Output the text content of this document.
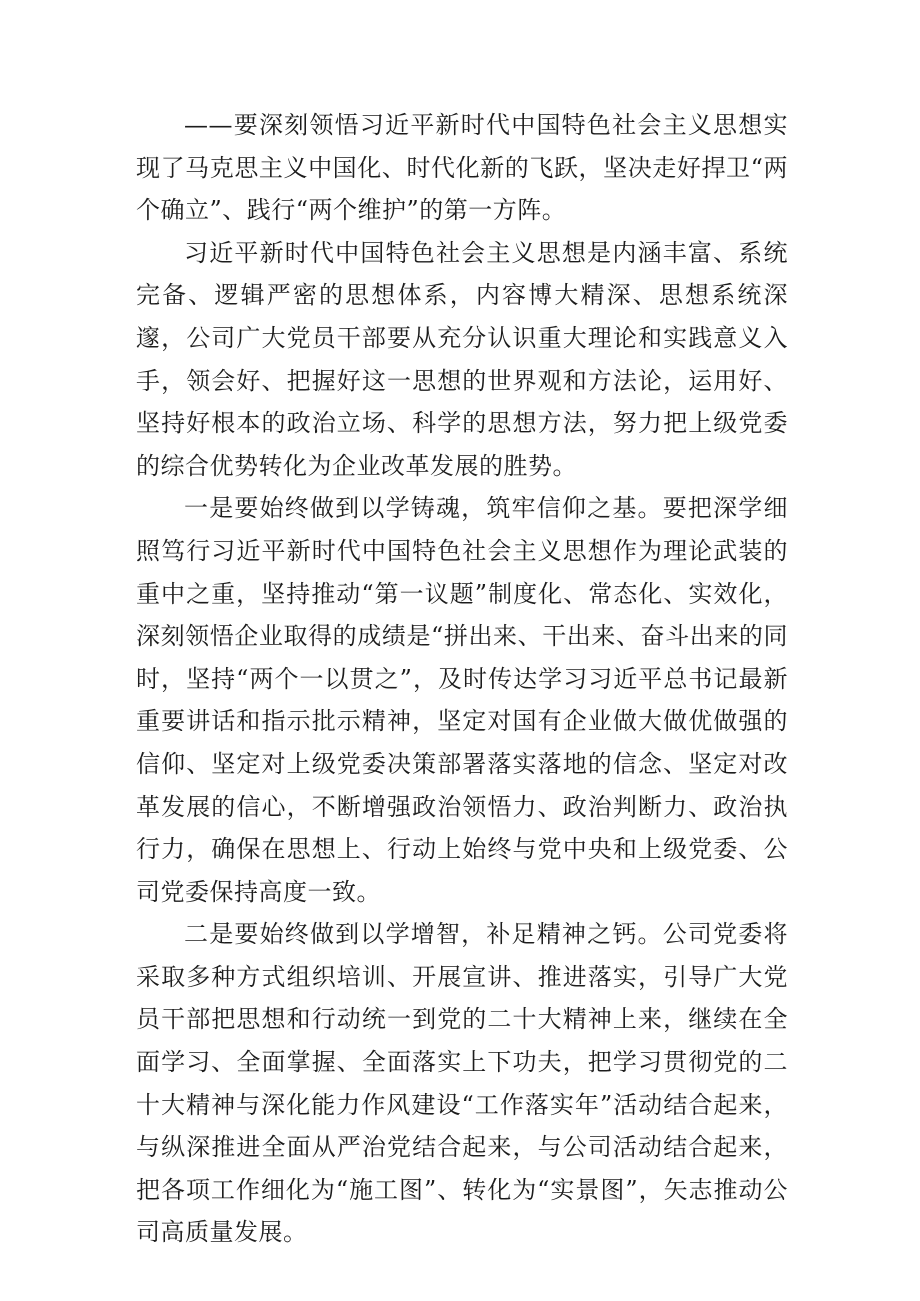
——要深刻领悟习近平新时代中国特色社会主义思想实现了马克思主义中国化、时代化新的飞跃，坚决走好捍卫“两个确立”、践行“两个维护”的第一方阵。

习近平新时代中国特色社会主义思想是内涵丰富、系统完备、逻辑严密的思想体系，内容博大精深、思想系统深邃，公司广大党员干部要从充分认识重大理论和实践意义入手，领会好、把握好这一思想的世界观和方法论，运用好、坚持好根本的政治立场、科学的思想方法，努力把上级党委的综合优势转化为企业改革发展的胜势。

一是要始终做到以学铸魂，筑牢信仰之基。要把深学细照笃行习近平新时代中国特色社会主义思想作为理论武装的重中之重，坚持推动“第一议题”制度化、常态化、实效化，深刻领悟企业取得的成绩是“拼出来、干出来、奋斗出来的同时，坚持“两个一以贯之”，及时传达学习习近平总书记最新重要讲话和指示批示精神，坚定对国有企业做大做优做强的信仰、坚定对上级党委决策部署落实落地的信念、坚定对改革发展的信心，不断增强政治领悟力、政治判断力、政治执行力，确保在思想上、行动上始终与党中央和上级党委、公司党委保持高度一致。

二是要始终做到以学增智，补足精神之钙。公司党委将采取多种方式组织培训、开展宣讲、推进落实，引导广大党员干部把思想和行动统一到党的二十大精神上来，继续在全面学习、全面掌握、全面落实上下功夫，把学习贯彻党的二十大精神与深化能力作风建设“工作落实年”活动结合起来，与纵深推进全面从严治党结合起来，与公司活动结合起来，把各项工作细化为“施工图”、转化为“实景图”，矢志推动公司高质量发展。
